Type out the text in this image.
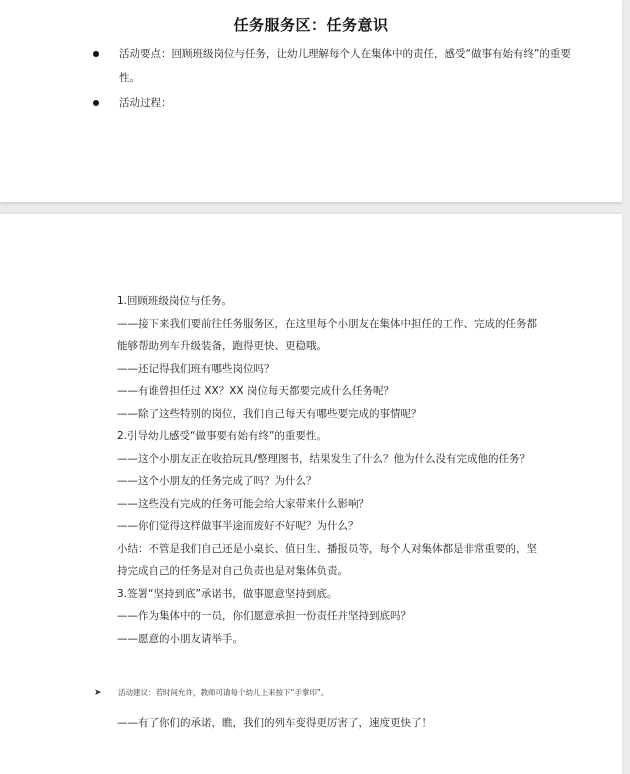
任务服务区：任务意识
活动要点：回顾班级岗位与任务，让幼儿理解每个人在集体中的责任，感受“做事有始有终”的重要性。
活动过程：
1.回顾班级岗位与任务。
——接下来我们要前往任务服务区，在这里每个小朋友在集体中担任的工作、完成的任务都
能够帮助列车升级装备，跑得更快、更稳哦。
——还记得我们班有哪些岗位吗？
——有谁曾担任过 XX？XX 岗位每天都要完成什么任务呢？
——除了这些特别的岗位，我们自己每天有哪些要完成的事情呢？
2.引导幼儿感受“做事要有始有终”的重要性。
——这个小朋友正在收拾玩具/整理图书，结果发生了什么？他为什么没有完成他的任务？
——这个小朋友的任务完成了吗？为什么？
——这些没有完成的任务可能会给大家带来什么影响？
——你们觉得这样做事半途而废好不好呢？为什么？
小结：不管是我们自己还是小桌长、值日生、播报员等，每个人对集体都是非常重要的，坚
持完成自己的任务是对自己负责也是对集体负责。
3.签署“坚持到底”承诺书，做事愿意坚持到底。
——作为集体中的一员，你们愿意承担一份责任并坚持到底吗？
——愿意的小朋友请举手。
➤ 活动建议：若时间允许，教师可请每个幼儿上来按下“手掌印”。
——有了你们的承诺，瞧，我们的列车变得更厉害了，速度更快了！
